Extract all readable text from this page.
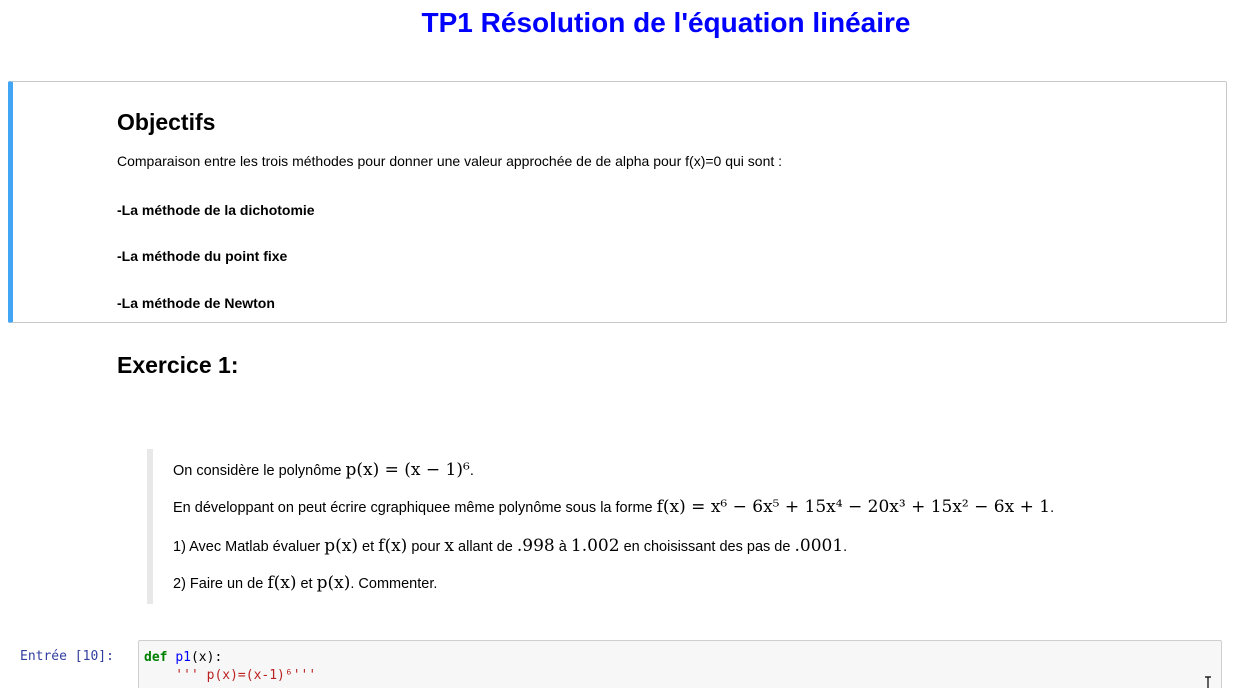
TP1 Résolution de l'équation linéaire
Objectifs
Comparaison entre les trois méthodes pour donner une valeur approchée de de alpha pour f(x)=0 qui sont :
-La méthode de la dichotomie
-La méthode du point fixe
-La méthode de Newton
Exercice 1:
On considère le polynôme p(x) = (x − 1)⁶.
En développant on peut écrire cgraphiquee même polynôme sous la forme f(x) = x⁶ − 6x⁵ + 15x⁴ − 20x³ + 15x² − 6x + 1.
1) Avec Matlab évaluer p(x) et f(x) pour x allant de .998 à 1.002 en choisissant des pas de .0001.
2) Faire un de f(x) et p(x). Commenter.
Entrée [10]: def p1(x):
''' p(x)=(x-1)⁶'''
